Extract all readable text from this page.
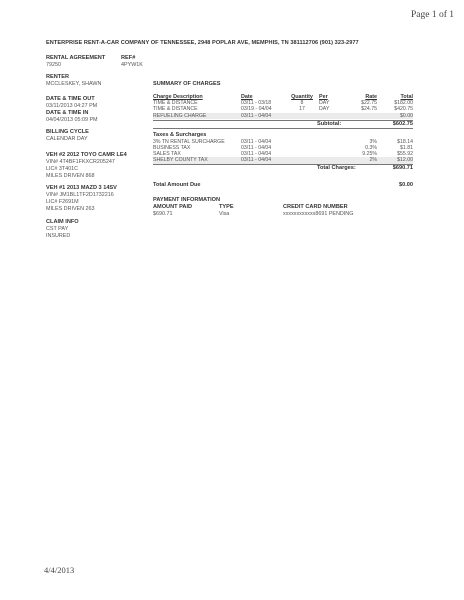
Page 1 of 1
ENTERPRISE RENT-A-CAR COMPANY OF TENNESSEE, 2948 POPLAR AVE, MEMPHIS, TN 381112706 (901) 323-2977
RENTAL AGREEMENT
79250
REF#
4PYW1K
RENTER
MCCLESKEY, SHAWN
DATE & TIME OUT
03/11/2013 04:27 PM
DATE & TIME IN
04/04/2013 05:09 PM
BILLING CYCLE
CALENDAR DAY
VEH #2 2012 TOYO CAMR LE4
VIN# 4T4BF1FKXCR205247
LIC# 3T401C
MILES DRIVEN 868
VEH #1 2013 MAZD 3 14SV
VIN# JM1BL1TF2D1732216
LIC# F2691M
MILES DRIVEN 263
CLAIM INFO
CST PAY
INSURED
SUMMARY OF CHARGES
Charge Description	Date	Quantity	Per	Rate	Total
TIME & DISTANCE	03/11 - 03/18	8	DAY	$22.75	$182.00
TIME & DISTANCE	03/19 - 04/04	17	DAY	$24.75	$420.75
REFUELING CHARGE	03/11 - 04/04	$0.00
Subtotal:	$602.75
Taxes & Surcharges
3% TN RENTAL SURCHARGE	03/11 - 04/04	3%	$18.14
BUSINESS TAX	03/11 - 04/04	0.3%	$1.81
SALES TAX	03/11 - 04/04	9.25%	$55.92
SHELBY COUNTY TAX	03/11 - 04/04	2%	$12.00
Total Charges:	$690.71
Total Amount Due	$0.00
PAYMENT INFORMATION
AMOUNT PAID	TYPE	CREDIT CARD NUMBER
$690.71	Visa	xxxxxxxxxxxx8691 PENDING
4/4/2013
